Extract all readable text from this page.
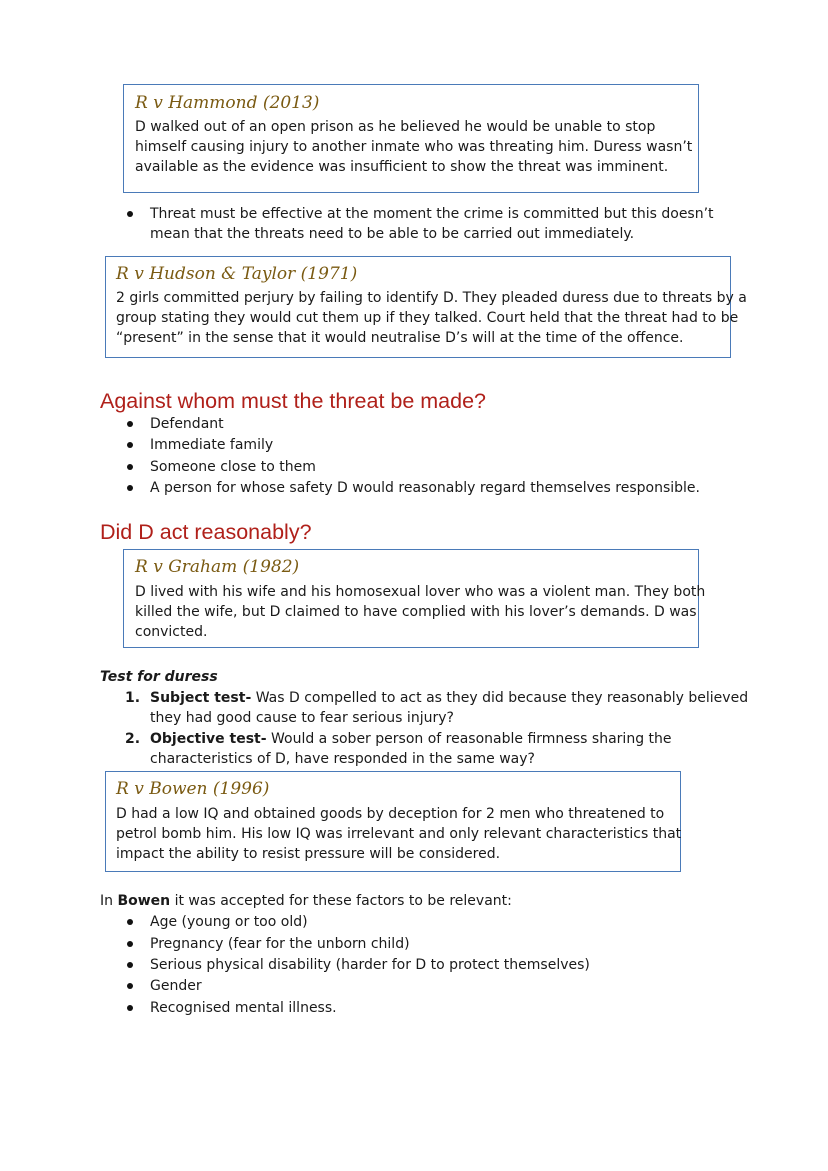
R v Hammond (2013)
D walked out of an open prison as he believed he would be unable to stop
himself causing injury to another inmate who was threating him. Duress wasn’t
available as the evidence was insufficient to show the threat was imminent.
Threat must be effective at the moment the crime is committed but this doesn’t
mean that the threats need to be able to be carried out immediately.
R v Hudson & Taylor (1971)
2 girls committed perjury by failing to identify D. They pleaded duress due to threats by a
group stating they would cut them up if they talked. Court held that the threat had to be
“present” in the sense that it would neutralise D’s will at the time of the offence.
Against whom must the threat be made?
Defendant
Immediate family
Someone close to them
A person for whose safety D would reasonably regard themselves responsible.
Did D act reasonably?
R v Graham (1982)
D lived with his wife and his homosexual lover who was a violent man. They both
killed the wife, but D claimed to have complied with his lover’s demands. D was
convicted.
Test for duress
1. Subject test- Was D compelled to act as they did because they reasonably believed
they had good cause to fear serious injury?
2. Objective test- Would a sober person of reasonable firmness sharing the
characteristics of D, have responded in the same way?
R v Bowen (1996)
D had a low IQ and obtained goods by deception for 2 men who threatened to
petrol bomb him. His low IQ was irrelevant and only relevant characteristics that
impact the ability to resist pressure will be considered.
In Bowen it was accepted for these factors to be relevant:
Age (young or too old)
Pregnancy (fear for the unborn child)
Serious physical disability (harder for D to protect themselves)
Gender
Recognised mental illness.
